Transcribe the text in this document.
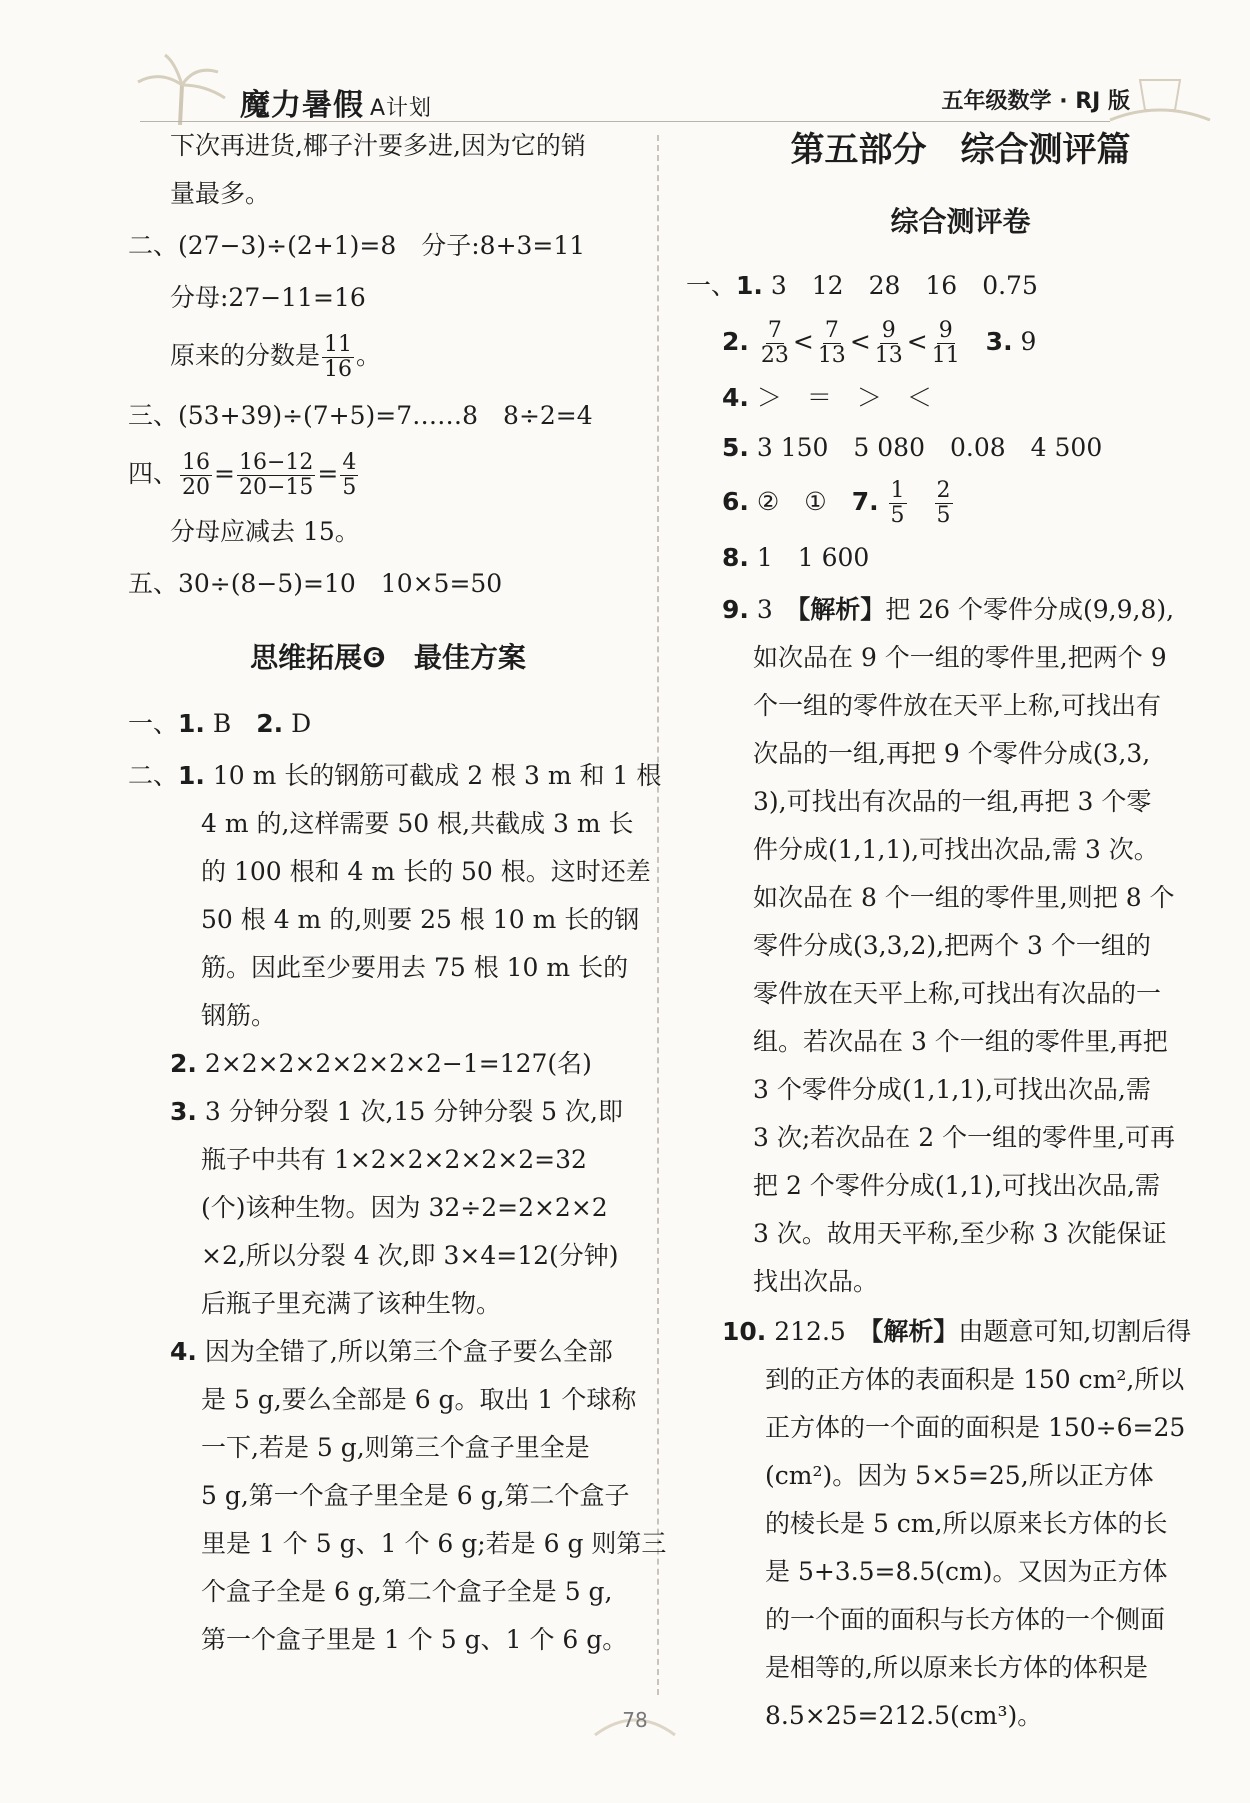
魔力暑假 A计划	五年级数学 · RJ 版
下次再进货,椰子汁要多进,因为它的销
量最多。
二、(27−3)÷(2+1)=8　分子:8+3=11
分母:27−11=16
原来的分数是 $\frac{11}{16}$ 。
三、(53+39)÷(7+5)=7……8　8÷2=4
四、 $\frac{16}{20} = \frac{16-12}{20-15} = \frac{4}{5}$
分母应减去 15。
五、30÷(8−5)=10　10×5=50
思维拓展❻　最佳方案
一、1. B　2. D
二、1. 10 m 长的钢筋可截成 2 根 3 m 和 1 根
4 m 的,这样需要 50 根,共截成 3 m 长
的 100 根和 4 m 长的 50 根。这时还差
50 根 4 m 的,则要 25 根 10 m 长的钢
筋。因此至少要用去 75 根 10 m 长的
钢筋。
2. 2×2×2×2×2×2×2−1=127(名)
3. 3 分钟分裂 1 次,15 分钟分裂 5 次,即
瓶子中共有 1×2×2×2×2×2=32
(个)该种生物。因为 32÷2=2×2×2
×2,所以分裂 4 次,即 3×4=12(分钟)
后瓶子里充满了该种生物。
4. 因为全错了,所以第三个盒子要么全部
是 5 g,要么全部是 6 g。取出 1 个球称
一下,若是 5 g,则第三个盒子里全是
5 g,第一个盒子里全是 6 g,第二个盒子
里是 1 个 5 g、1 个 6 g;若是 6 g 则第三
个盒子全是 6 g,第二个盒子全是 5 g,
第一个盒子里是 1 个 5 g、1 个 6 g。
第五部分　综合测评篇
综合测评卷
一、1. 3　12　28　16　0.75
2. $\frac{7}{23} < \frac{7}{13} < \frac{9}{13} < \frac{9}{11} 3$. 9
4. ＞　＝　＞　＜
5. 3 150　5 080　0.08　4 500
6. ②　①　7. $\frac{1}{5}$
$\frac{2}{5}$
8. 1　1 600
9. 3　【解析】把 26 个零件分成(9,9,8),
如次品在 9 个一组的零件里,把两个 9
个一组的零件放在天平上称,可找出有
次品的一组,再把 9 个零件分成(3,3,
3),可找出有次品的一组,再把 3 个零
件分成(1,1,1),可找出次品,需 3 次。
如次品在 8 个一组的零件里,则把 8 个
零件分成(3,3,2),把两个 3 个一组的
零件放在天平上称,可找出有次品的一
组。若次品在 3 个一组的零件里,再把
3 个零件分成(1,1,1),可找出次品,需
3 次;若次品在 2 个一组的零件里,可再
把 2 个零件分成(1,1),可找出次品,需
3 次。故用天平称,至少称 3 次能保证
找出次品。
10. 212.5　【解析】由题意可知,切割后得
到的正方体的表面积是 150 cm²,所以
正方体的一个面的面积是 150÷6=25
(cm²)。因为 5×5=25,所以正方体
的棱长是 5 cm,所以原来长方体的长
是 5+3.5=8.5(cm)。又因为正方体
的一个面的面积与长方体的一个侧面
是相等的,所以原来长方体的体积是
8.5×25=212.5(cm³)。
78
